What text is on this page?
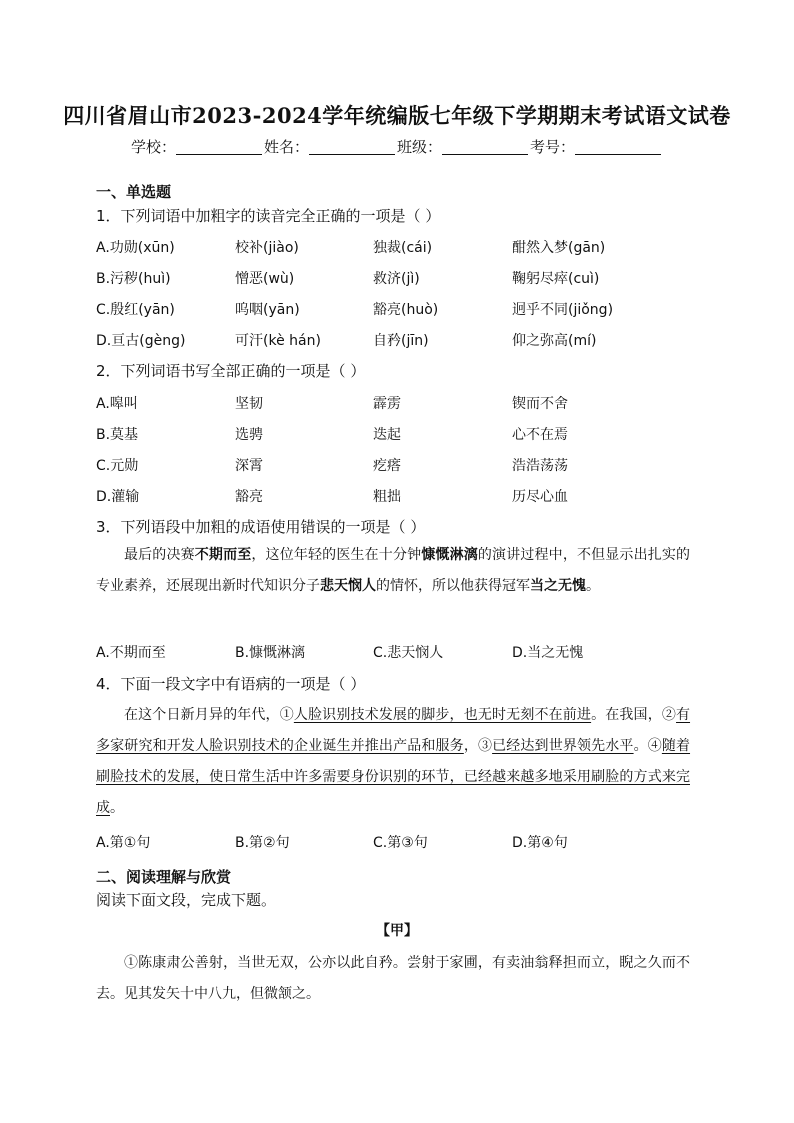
四川省眉山市2023-2024学年统编版七年级下学期期末考试语文试卷
学校：	姓名：	班级：	考号：
一、单选题
1．下列词语中加粗字的读音完全正确的一项是（ ）
A.功勋(xūn)	校补(jiào)	独裁(cái)	酣然入梦(gān)
B.污秽(huì)	憎恶(wù)	救济(jì)	鞠躬尽瘁(cuì)
C.殷红(yān)	呜咽(yān)	豁亮(huò)	迥乎不同(jiǒng)
D.亘古(gèng)	可汗(kè hán)	自矜(jīn)	仰之弥高(mí)
2．下列词语书写全部正确的一项是（ ）
A.嗥叫	坚韧	霹雳	锲而不舍
B.莫基	选骋	迭起	心不在焉
C.元勋	深霄	疙瘩	浩浩荡荡
D.灌输	豁亮	粗拙	历尽心血
3．下列语段中加粗的成语使用错误的一项是（ ）

最后的决赛不期而至，这位年轻的医生在十分钟慷慨淋漓的演讲过程中，不但显示出扎实的专业素养，还展现出新时代知识分子悲天悯人的情怀，所以他获得冠军当之无愧。

A.不期而至	B.慷慨淋漓	C.悲天悯人	D.当之无愧
4．下面一段文字中有语病的一项是（ ）

在这个日新月异的年代，①人脸识别技术发展的脚步，也无时无刻不在前进。在我国，②有多家研究和开发人脸识别技术的企业诞生并推出产品和服务，③已经达到世界领先水平。④随着刷脸技术的发展，使日常生活中许多需要身份识别的环节，已经越来越多地采用刷脸的方式来完成。

A.第①句	B.第②句	C.第③句	D.第④句
二、阅读理解与欣赏
阅读下面文段，完成下题。
【甲】

①陈康肃公善射，当世无双，公亦以此自矜。尝射于家圃，有卖油翁释担而立，睨之久而不去。见其发矢十中八九，但微颔之。
